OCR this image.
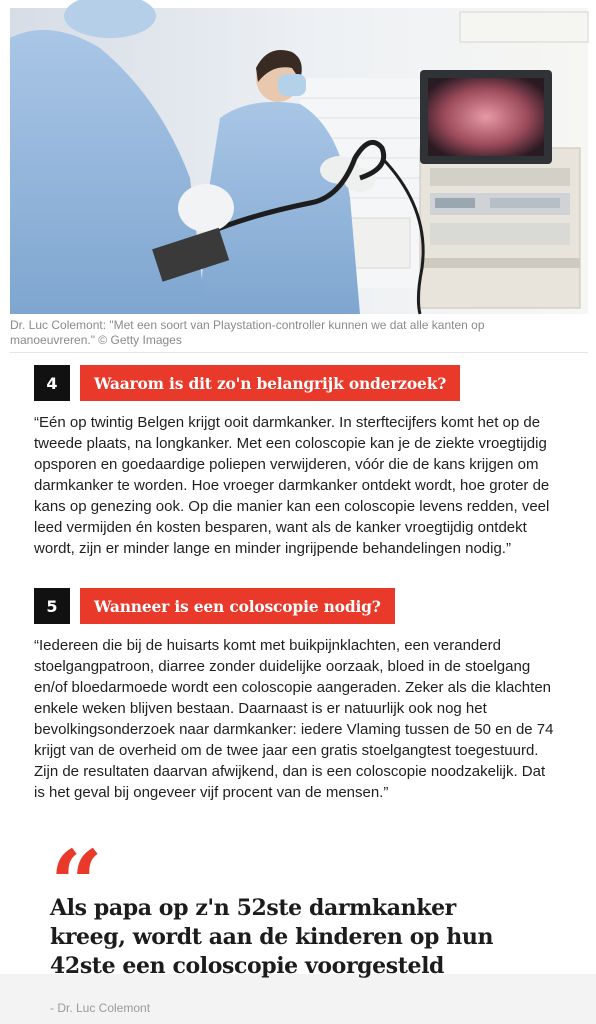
Dr. Luc Colemont: "Met een soort van Playstation-controller kunnen we dat alle kanten op manoeuvreren." © Getty Images
4	Waarom is dit zo'n belangrijk onderzoek?
“Eén op twintig Belgen krijgt ooit darmkanker. In sterftecijfers komt het op de tweede plaats, na longkanker. Met een coloscopie kan je de ziekte vroegtijdig opsporen en goedaardige poliepen verwijderen, vóór die de kans krijgen om darmkanker te worden. Hoe vroeger darmkanker ontdekt wordt, hoe groter de kans op genezing ook. Op die manier kan een coloscopie levens redden, veel leed vermijden én kosten besparen, want als de kanker vroegtijdig ontdekt wordt, zijn er minder lange en minder ingrijpende behandelingen nodig.”
5	Wanneer is een coloscopie nodig?
“Iedereen die bij de huisarts komt met buikpijnklachten, een veranderd stoelgangpatroon, diarree zonder duidelijke oorzaak, bloed in de stoelgang en/of bloedarmoede wordt een coloscopie aangeraden. Zeker als die klachten enkele weken blijven bestaan. Daarnaast is er natuurlijk ook nog het bevolkingsonderzoek naar darmkanker: iedere Vlaming tussen de 50 en de 74 krijgt van de overheid om de twee jaar een gratis stoelgangtest toegestuurd. Zijn de resultaten daarvan afwijkend, dan is een coloscopie noodzakelijk. Dat is het geval bij ongeveer vijf procent van de mensen.”
“
Als papa op z'n 52ste darmkanker kreeg, wordt aan de kinderen op hun 42ste een coloscopie voorgesteld
- Dr. Luc Colemont
